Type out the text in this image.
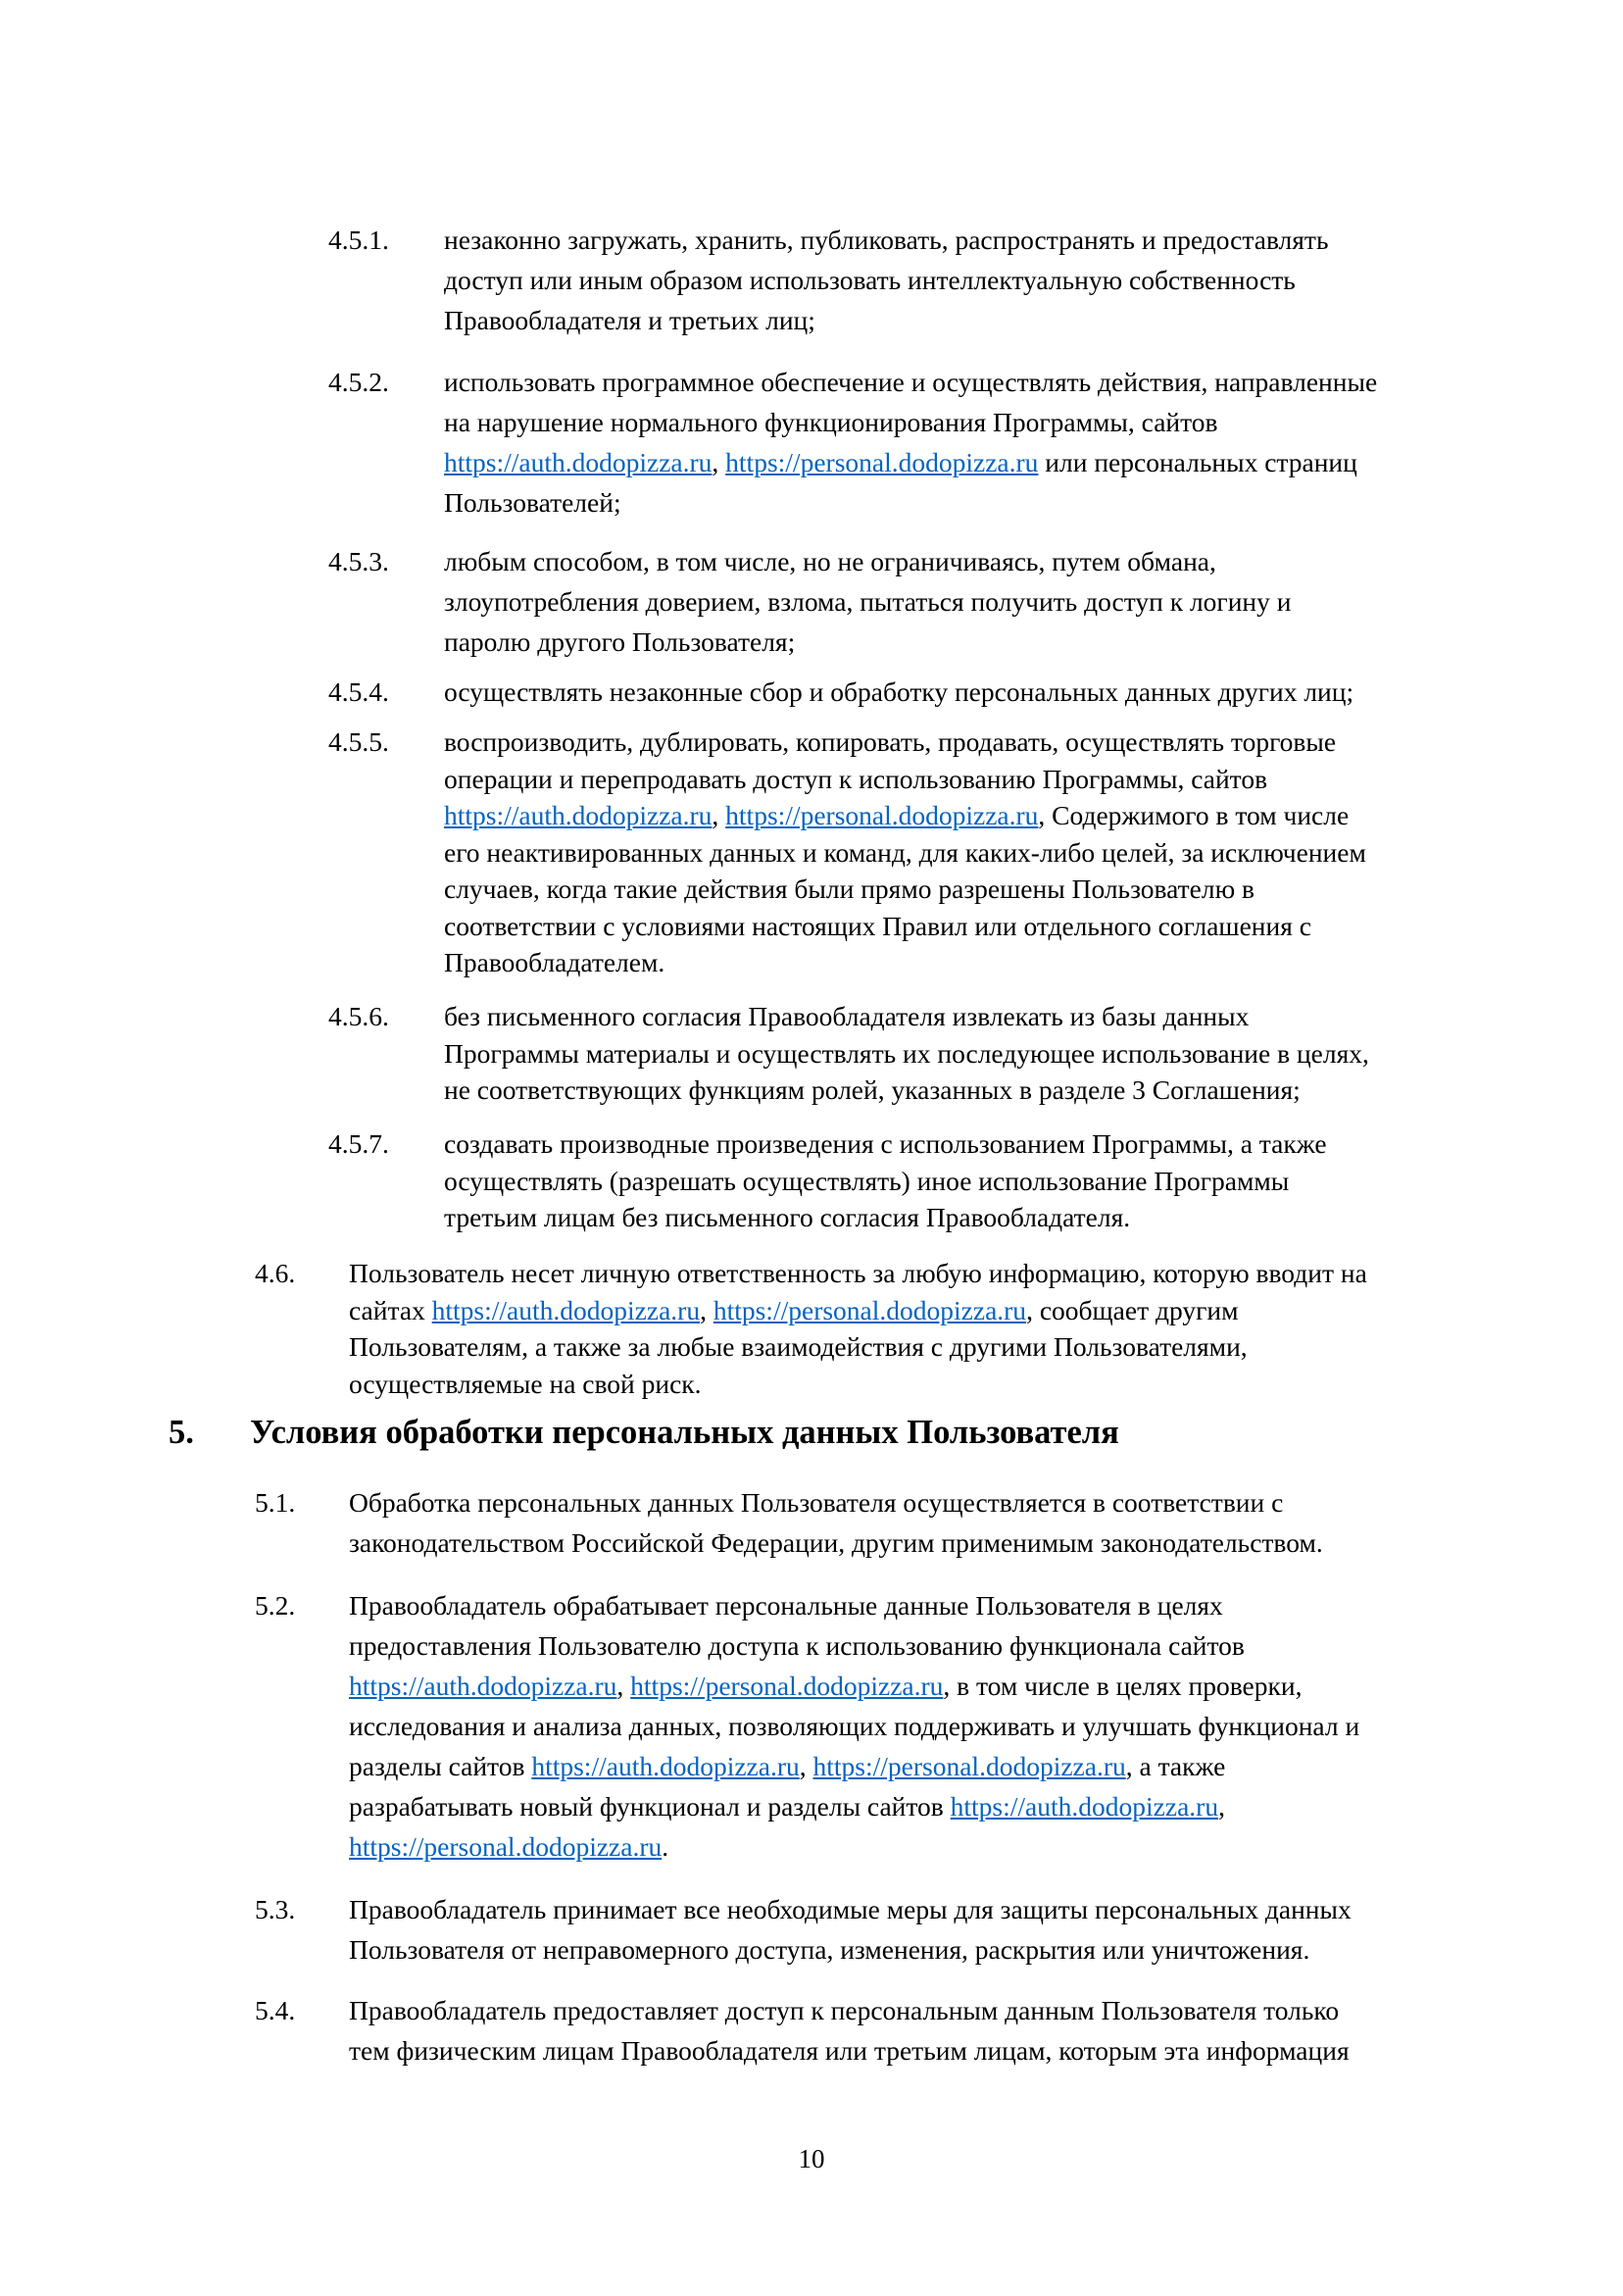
4.5.1. незаконно загружать, хранить, публиковать, распространять и предоставлять
доступ или иным образом использовать интеллектуальную собственность
Правообладателя и третьих лиц;
4.5.2. использовать программное обеспечение и осуществлять действия, направленные
на нарушение нормального функционирования Программы, сайтов
https://auth.dodopizza.ru, https://personal.dodopizza.ru или персональных страниц
Пользователей;
4.5.3. любым способом, в том числе, но не ограничиваясь, путем обмана,
злоупотребления доверием, взлома, пытаться получить доступ к логину и
паролю другого Пользователя;
4.5.4. осуществлять незаконные сбор и обработку персональных данных других лиц;
4.5.5. воспроизводить, дублировать, копировать, продавать, осуществлять торговые
операции и перепродавать доступ к использованию Программы, сайтов
https://auth.dodopizza.ru, https://personal.dodopizza.ru, Содержимого в том числе
его неактивированных данных и команд, для каких-либо целей, за исключением
случаев, когда такие действия были прямо разрешены Пользователю в
соответствии с условиями настоящих Правил или отдельного соглашения с
Правообладателем.
4.5.6. без письменного согласия Правообладателя извлекать из базы данных
Программы материалы и осуществлять их последующее использование в целях,
не соответствующих функциям ролей, указанных в разделе 3 Соглашения;
4.5.7. создавать производные произведения с использованием Программы, а также
осуществлять (разрешать осуществлять) иное использование Программы
третьим лицам без письменного согласия Правообладателя.
4.6. Пользователь несет личную ответственность за любую информацию, которую вводит на
сайтах https://auth.dodopizza.ru, https://personal.dodopizza.ru, сообщает другим
Пользователям, а также за любые взаимодействия с другими Пользователями,
осуществляемые на свой риск.
5. Условия обработки персональных данных Пользователя
5.1. Обработка персональных данных Пользователя осуществляется в соответствии с
законодательством Российской Федерации, другим применимым законодательством.
5.2. Правообладатель обрабатывает персональные данные Пользователя в целях
предоставления Пользователю доступа к использованию функционала сайтов
https://auth.dodopizza.ru, https://personal.dodopizza.ru, в том числе в целях проверки,
исследования и анализа данных, позволяющих поддерживать и улучшать функционал и
разделы сайтов https://auth.dodopizza.ru, https://personal.dodopizza.ru, а также
разрабатывать новый функционал и разделы сайтов https://auth.dodopizza.ru,
https://personal.dodopizza.ru.
5.3. Правообладатель принимает все необходимые меры для защиты персональных данных
Пользователя от неправомерного доступа, изменения, раскрытия или уничтожения.
5.4. Правообладатель предоставляет доступ к персональным данным Пользователя только
тем физическим лицам Правообладателя или третьим лицам, которым эта информация
10
